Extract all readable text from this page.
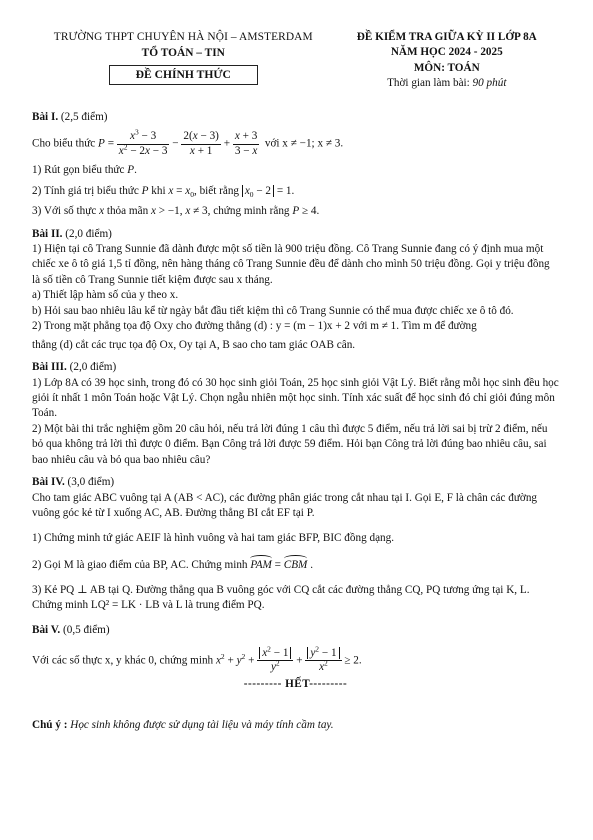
TRƯỜNG THPT CHUYÊN HÀ NỘI – AMSTERDAM
TỔ TOÁN – TIN
ĐỀ CHÍNH THỨC
ĐỀ KIỂM TRA GIỮA KỲ II LỚP 8A
NĂM HỌC 2024 - 2025
MÔN: TOÁN
Thời gian làm bài: 90 phút
Bài I. (2,5 điểm)

Cho biểu thức $P = \frac{x^3 - 3}{x^2 - 2x - 3} - \frac{2(x - 3)}{x + 1} + \frac{x + 3}{3 - x}$ với x ≠ −1; x ≠ 3.

1) Rút gọn biểu thức P.

2) Tính giá trị biểu thức P khi $x = x_0$, biết rằng $x_0 - 2 = 1$.

3) Với số thực x thỏa mãn x > −1, x ≠ 3, chứng minh rằng P ≥ 4.

Bài II. (2,0 điểm)

1) Hiện tại cô Trang Sunnie đã dành được một số tiền là 900 triệu đồng. Cô Trang Sunnie đang có ý định mua một chiếc xe ô tô giá 1,5 tỉ đồng, nên hàng tháng cô Trang Sunnie đều để dành cho mình 50 triệu đồng. Gọi y triệu đồng là số tiền cô Trang Sunnie tiết kiệm được sau x tháng.

a) Thiết lập hàm số của y theo x.

b) Hỏi sau bao nhiêu lâu kể từ ngày bắt đầu tiết kiệm thì cô Trang Sunnie có thể mua được chiếc xe ô tô đó.

2) Trong mặt phẳng tọa độ Oxy cho đường thẳng (d) : y = (m − 1)x + 2 với m ≠ 1. Tìm m để đường

thẳng (d) cắt các trục tọa độ Ox, Oy tại A, B sao cho tam giác OAB cân.

Bài III. (2,0 điểm)

1) Lớp 8A có 39 học sinh, trong đó có 30 học sinh giỏi Toán, 25 học sinh giỏi Vật Lý. Biết rằng mỗi học sinh đều học giỏi ít nhất 1 môn Toán hoặc Vật Lý. Chọn ngẫu nhiên một học sinh. Tính xác suất để học sinh đó chỉ giỏi đúng môn Toán.

2) Một bài thi trắc nghiệm gồm 20 câu hỏi, nếu trả lời đúng 1 câu thì được 5 điểm, nếu trả lời sai bị trừ 2 điểm, nếu bỏ qua không trả lời thì được 0 điểm. Bạn Công trả lời được 59 điểm. Hỏi bạn Công trả lời đúng bao nhiêu câu, sai bao nhiêu câu và bỏ qua bao nhiêu câu?

Bài IV. (3,0 điểm)

Cho tam giác ABC vuông tại A (AB < AC), các đường phân giác trong cắt nhau tại I. Gọi E, F là chân các đường vuông góc kẻ từ I xuống AC, AB. Đường thẳng BI cắt EF tại P.

1) Chứng minh tứ giác AEIF là hình vuông và hai tam giác BFP, BIC đồng dạng.

2) Gọi M là giao điểm của BP, AC. Chứng minh PAM = CBM .

3) Kẻ PQ ⊥ AB tại Q. Đường thẳng qua B vuông góc với CQ cắt các đường thẳng CQ, PQ tương ứng tại K, L. Chứng minh LQ² = LK · LB và L là trung điểm PQ.

Bài V. (0,5 điểm)

Với các số thực x, y khác 0, chứng minh $x^2 + y^2 + \frac{x^2 - 1}{y^2} + \frac{y^2 - 1}{x^2} \ge 2$.

--------- HẾT---------

Chú ý : Học sinh không được sử dụng tài liệu và máy tính cầm tay.
